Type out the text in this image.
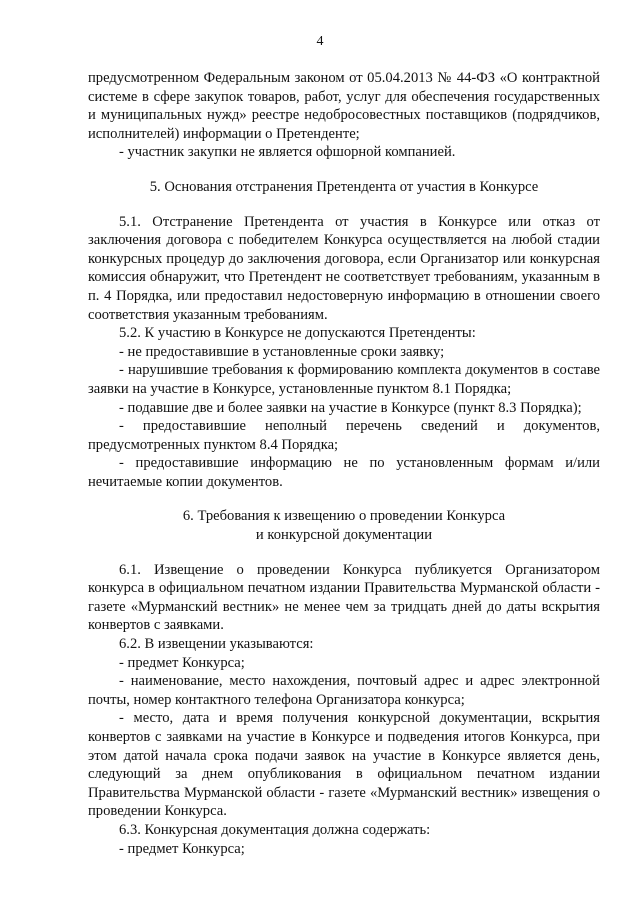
4

предусмотренном Федеральным законом от 05.04.2013 № 44-ФЗ «О контрактной системе в сфере закупок товаров, работ, услуг для обеспечения государственных и муниципальных нужд» реестре недобросовестных поставщиков (подрядчиков, исполнителей) информации о Претенденте;

- участник закупки не является офшорной компанией.

5. Основания отстранения Претендента от участия в Конкурсе

5.1. Отстранение Претендента от участия в Конкурсе или отказ от заключения договора с победителем Конкурса осуществляется на любой стадии конкурсных процедур до заключения договора, если Организатор или конкурсная комиссия обнаружит, что Претендент не соответствует требованиям, указанным в п. 4 Порядка, или предоставил недостоверную информацию в отношении своего соответствия указанным требованиям.

5.2. К участию в Конкурсе не допускаются Претенденты:

- не предоставившие в установленные сроки заявку;

- нарушившие требования к формированию комплекта документов в составе заявки на участие в Конкурсе, установленные пунктом 8.1 Порядка;

- подавшие две и более заявки на участие в Конкурсе (пункт 8.3 Порядка);

- предоставившие неполный перечень сведений и документов, предусмотренных пунктом 8.4 Порядка;

- предоставившие информацию не по установленным формам и/или нечитаемые копии документов.

6. Требования к извещению о проведении Конкурса

и конкурсной документации

6.1. Извещение о проведении Конкурса публикуется Организатором конкурса в официальном печатном издании Правительства Мурманской области - газете «Мурманский вестник» не менее чем за тридцать дней до даты вскрытия конвертов с заявками.

6.2. В извещении указываются:

- предмет Конкурса;

- наименование, место нахождения, почтовый адрес и адрес электронной почты, номер контактного телефона Организатора конкурса;

- место, дата и время получения конкурсной документации, вскрытия конвертов с заявками на участие в Конкурсе и подведения итогов Конкурса, при этом датой начала срока подачи заявок на участие в Конкурсе является день, следующий за днем опубликования в официальном печатном издании Правительства Мурманской области - газете «Мурманский вестник» извещения о проведении Конкурса.

6.3. Конкурсная документация должна содержать:

- предмет Конкурса;
